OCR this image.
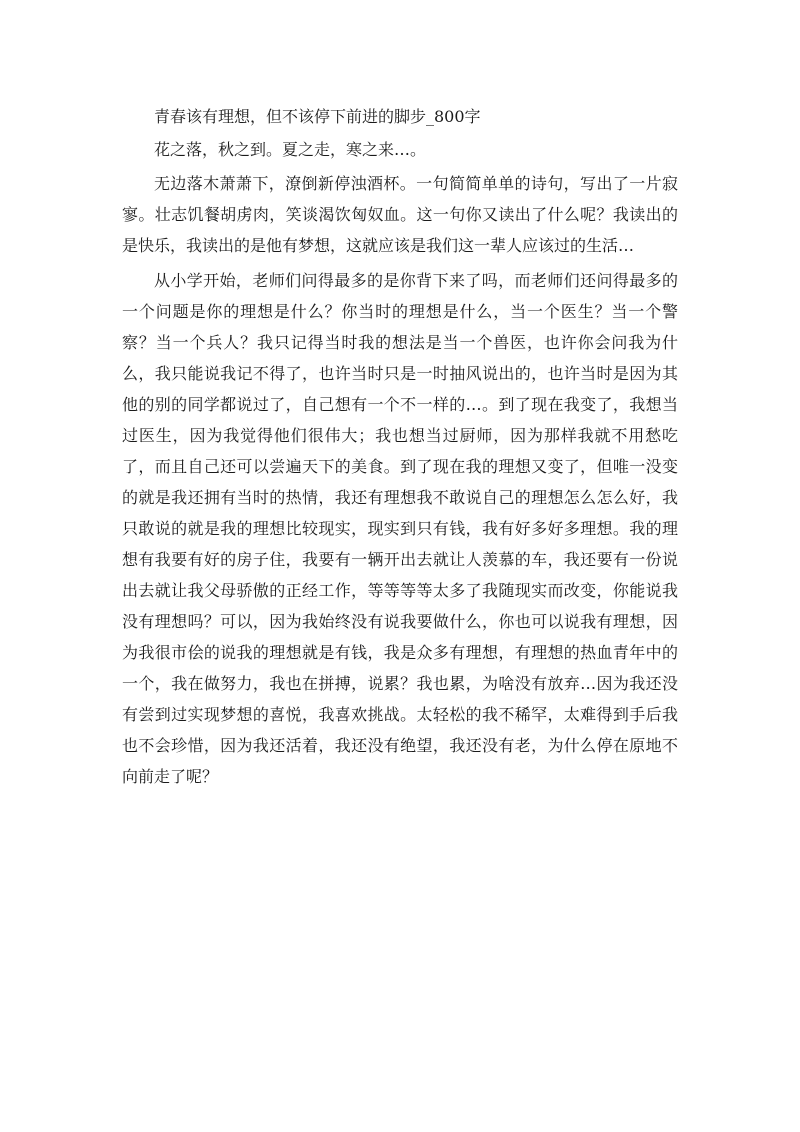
青春该有理想，但不该停下前进的脚步_800字

花之落，秋之到。夏之走，寒之来…。

无边落木萧萧下，潦倒新停浊酒杯。一句简简单单的诗句，写出了一片寂寥。壮志饥餐胡虏肉，笑谈渴饮匈奴血。这一句你又读出了什么呢？我读出的是快乐，我读出的是他有梦想，这就应该是我们这一辈人应该过的生活…

从小学开始，老师们问得最多的是你背下来了吗，而老师们还问得最多的一个问题是你的理想是什么？你当时的理想是什么，当一个医生？当一个警察？当一个兵人？我只记得当时我的想法是当一个兽医，也许你会问我为什么，我只能说我记不得了，也许当时只是一时抽风说出的，也许当时是因为其他的别的同学都说过了，自己想有一个不一样的…。到了现在我变了，我想当过医生，因为我觉得他们很伟大；我也想当过厨师，因为那样我就不用愁吃了，而且自己还可以尝遍天下的美食。到了现在我的理想又变了，但唯一没变的就是我还拥有当时的热情，我还有理想我不敢说自己的理想怎么怎么好，我只敢说的就是我的理想比较现实，现实到只有钱，我有好多好多理想。我的理想有我要有好的房子住，我要有一辆开出去就让人羡慕的车，我还要有一份说出去就让我父母骄傲的正经工作，等等等等太多了我随现实而改变，你能说我没有理想吗？可以，因为我始终没有说我要做什么，你也可以说我有理想，因为我很市侩的说我的理想就是有钱，我是众多有理想，有理想的热血青年中的一个，我在做努力，我也在拼搏，说累？我也累，为啥没有放弃…因为我还没有尝到过实现梦想的喜悦，我喜欢挑战。太轻松的我不稀罕，太难得到手后我也不会珍惜，因为我还活着，我还没有绝望，我还没有老，为什么停在原地不向前走了呢？
